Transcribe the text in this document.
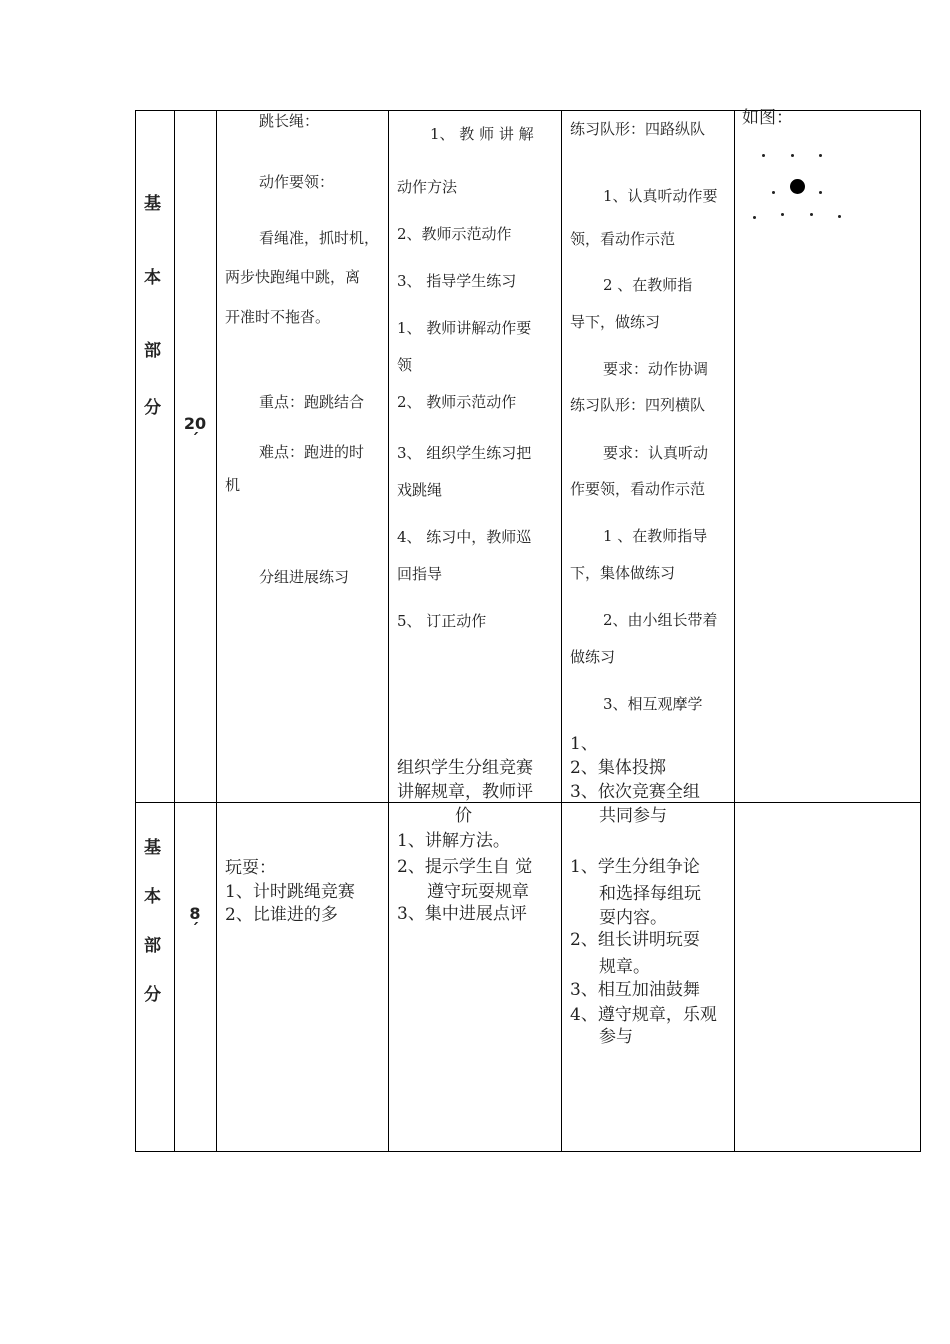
基
本
部
分
20
´
跳长绳：
动作要领：
看绳准，抓时机，
两步快跑绳中跳，离
开准时不拖沓。
重点：跑跳结合
难点：跑进的时
机
分组进展练习
1、 教 师 讲 解
动作方法
2、教师示范动作
3、 指导学生练习
1、 教师讲解动作要
领
2、 教师示范动作
3、 组织学生练习把
戏跳绳
4、 练习中，教师巡
回指导
5、 订正动作
组织学生分组竞赛
讲解规章，教师评
练习队形：四路纵队
1、认真听动作要
领，看动作示范
2 、在教师指
导下，做练习
要求：动作协调
练习队形：四列横队
要求：认真听动
作要领，看动作示范
1 、在教师指导
下，集体做练习
2、由小组长带着
做练习
3、相互观摩学
1、
2、集体投掷
3、依次竞赛全组
如图：
基
本
部
分
8
´
玩耍：
1、计时跳绳竞赛
2、比谁进的多
价
1、讲解方法。
2、提示学生自 觉
遵守玩耍规章
3、集中进展点评
共同参与
1、学生分组争论
和选择每组玩
耍内容。
2、组长讲明玩耍
规章。
3、相互加油鼓舞
4、遵守规章，乐观
参与
